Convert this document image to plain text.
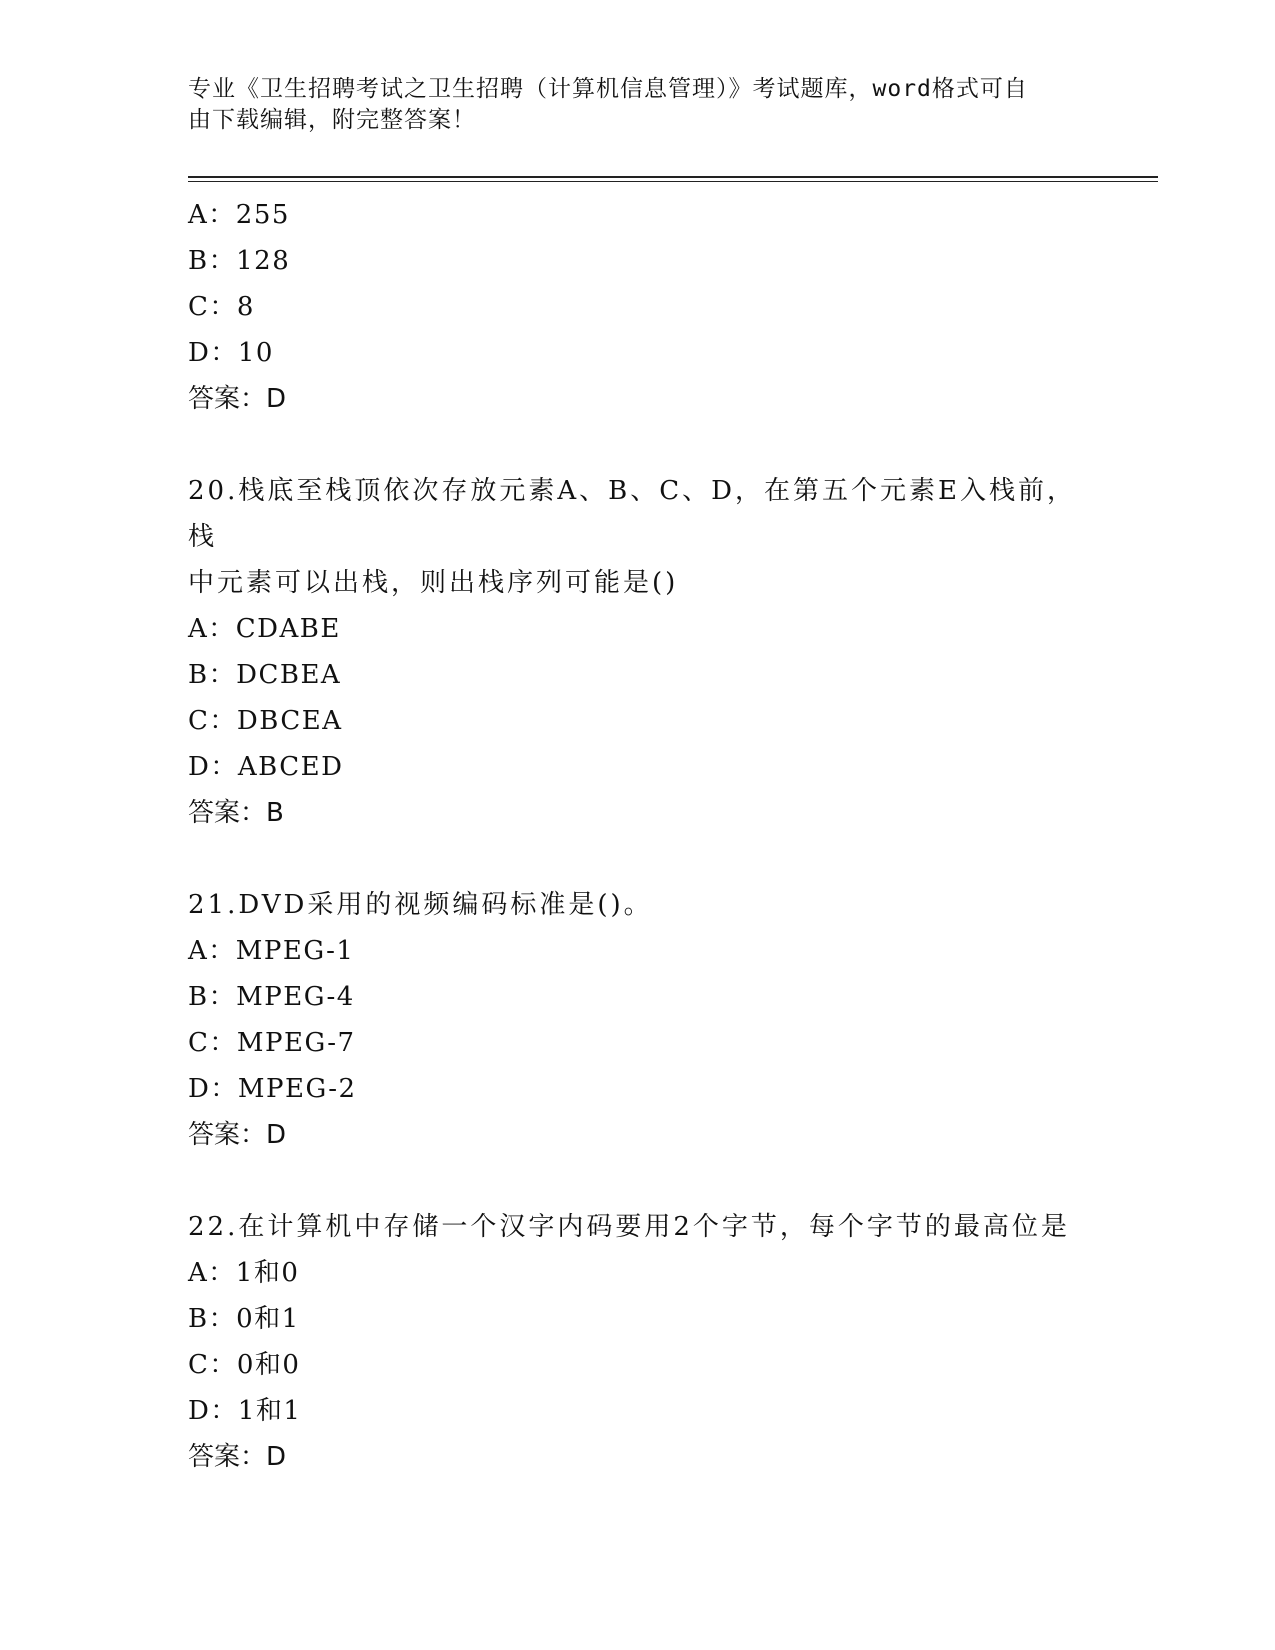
专业《卫生招聘考试之卫生招聘（计算机信息管理）》考试题库，word格式可自
由下载编辑，附完整答案！
A：255
B：128
C：8
D：10
答案：D
20.栈底至栈顶依次存放元素A、B、C、D，在第五个元素E入栈前，栈
中元素可以出栈，则出栈序列可能是()
A：CDABE
B：DCBEA
C：DBCEA
D：ABCED
答案：B
21.DVD采用的视频编码标准是()。
A：MPEG-1
B：MPEG-4
C：MPEG-7
D：MPEG-2
答案：D
22.在计算机中存储一个汉字内码要用2个字节，每个字节的最高位是
A：1和0
B：0和1
C：0和0
D：1和1
答案：D
